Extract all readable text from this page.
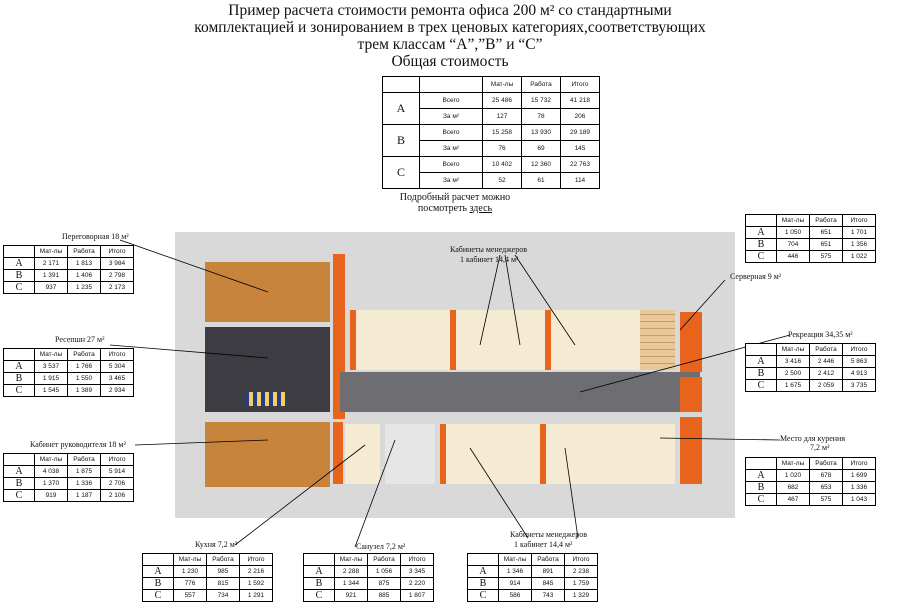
Пример расчета стоимости ремонта офиса 200 м² со стандартными
комплектацией и зонированием в трех ценовых категориях,соответствующих
трем классам “А”,”В” и “С”
Общая стоимость
		Мат-лы	Работа	Итого
А	Всего	25 486	15 732	41 218
	За м²	127	78	206
В	Всего	15 258	13 930	29 189
	За м²	76	69	145
С	Всего	10 402	12 360	22 763
	За м²	52	61	114
Подробный расчет можно
посмотреть здесь
Переговорная 18 м²
Ресепшн 27 м²
Кабинет руководителя 18 м²
Кухня 7,2 м²	Санузел 7,2 м²
Кабинеты менеджеров
1 кабинет 14,4 м²
Кабинеты менеджеров
1 кабинет 14,4 м²
Серверная 9 м²
Рекреация 34,35 м²
Место для курения
7,2 м²
	Мат-лы	Работа	Итого
А	2 171	1 813	3 984
В	1 391	1 406	2 798
С	937	1 235	2 173
	Мат-лы	Работа	Итого
А	3 537	1 766	5 304
В	1 915	1 550	3 465
С	1 545	1 389	2 934
	Мат-лы	Работа	Итого
А	4 038	1 875	5 914
В	1 370	1 336	2 706
С	919	1 187	2 106
	Мат-лы	Работа	Итого
А	1 230	985	2 216
В	776	815	1 592
С	557	734	1 291
	Мат-лы	Работа	Итого
А	2 288	1 056	3 345
В	1 344	875	2 220
С	921	885	1 807
	Мат-лы	Работа	Итого
А	1 346	891	2 238
В	914	845	1 759
С	586	743	1 329
	Мат-лы	Работа	Итого
А	1 050	651	1 701
В	704	651	1 356
С	446	575	1 022
	Мат-лы	Работа	Итого
А	3 416	2 446	5 863
В	2 500	2 412	4 913
С	1 675	2 059	3 735
	Мат-лы	Работа	Итого
А	1 020	678	1 699
В	682	653	1 336
С	467	575	1 043
